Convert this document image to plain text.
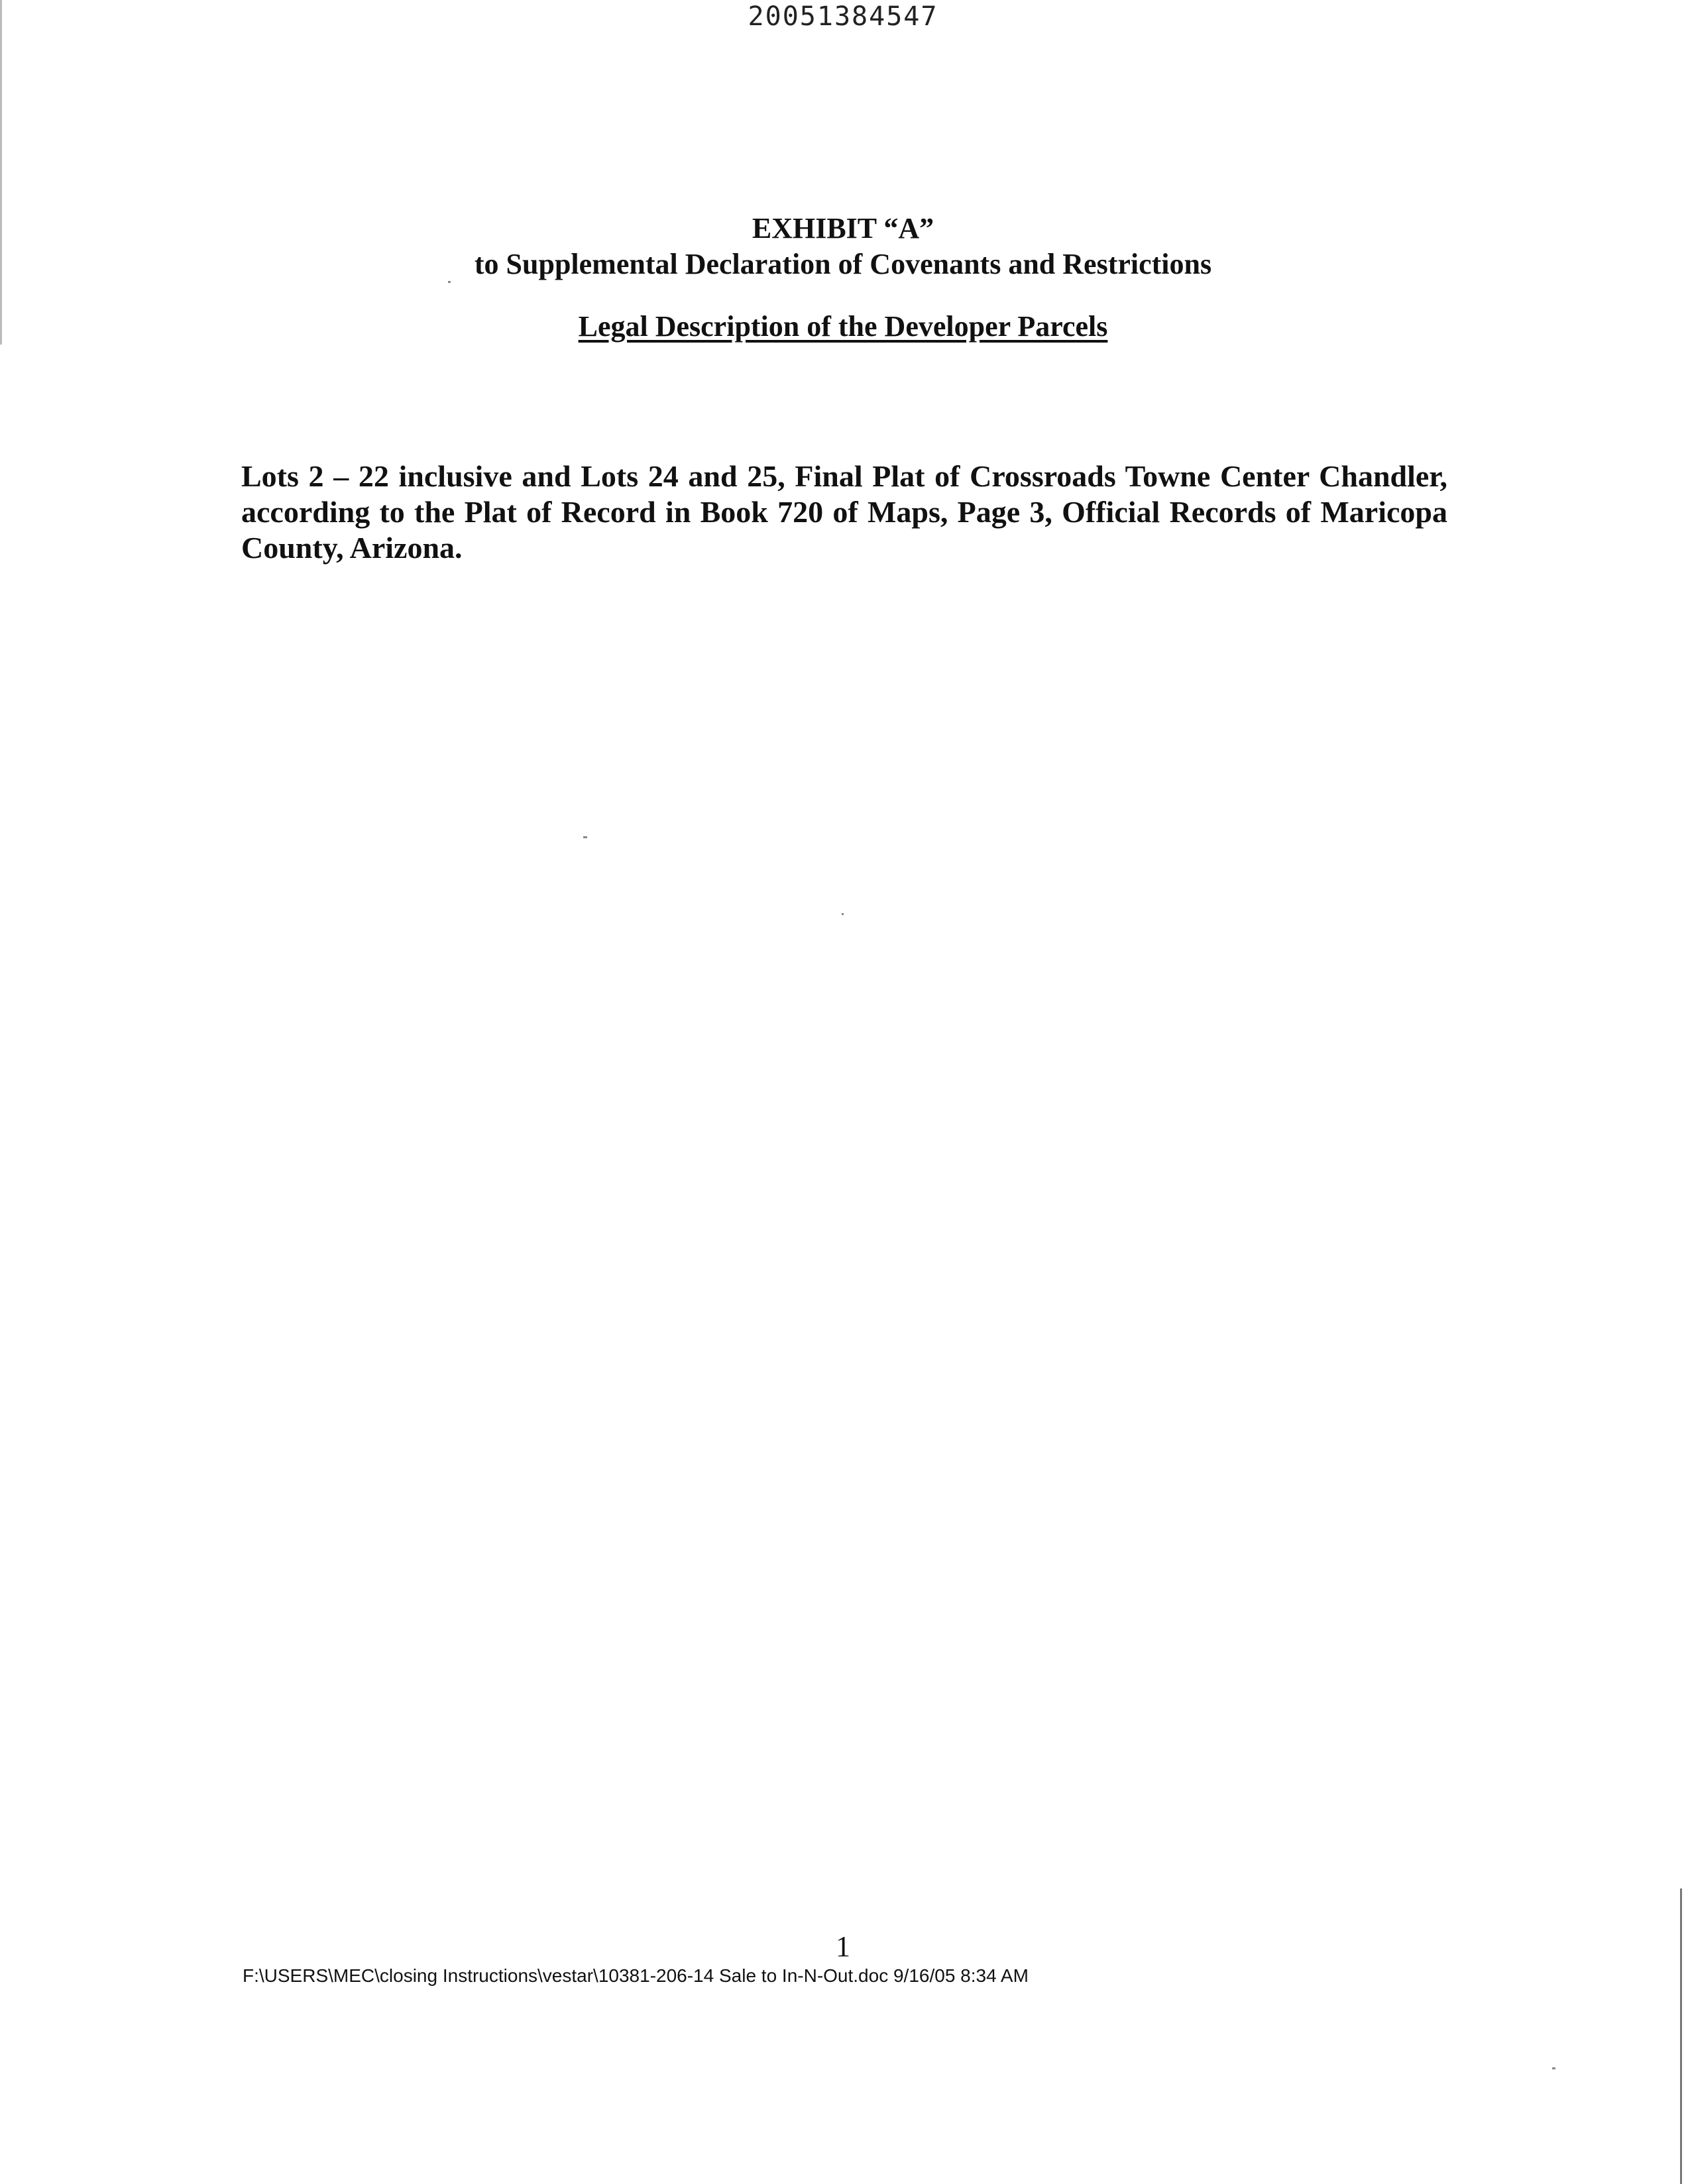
20051384547
EXHIBIT “A”
to Supplemental Declaration of Covenants and Restrictions
Legal Description of the Developer Parcels
Lots 2 – 22 inclusive and Lots 24 and 25, Final Plat of Crossroads Towne Center Chandler, according to the Plat of Record in Book 720 of Maps, Page 3, Official Records of Maricopa County, Arizona.
1
F:\USERS\MEC\closing Instructions\vestar\10381-206-14 Sale to In-N-Out.doc 9/16/05 8:34 AM
